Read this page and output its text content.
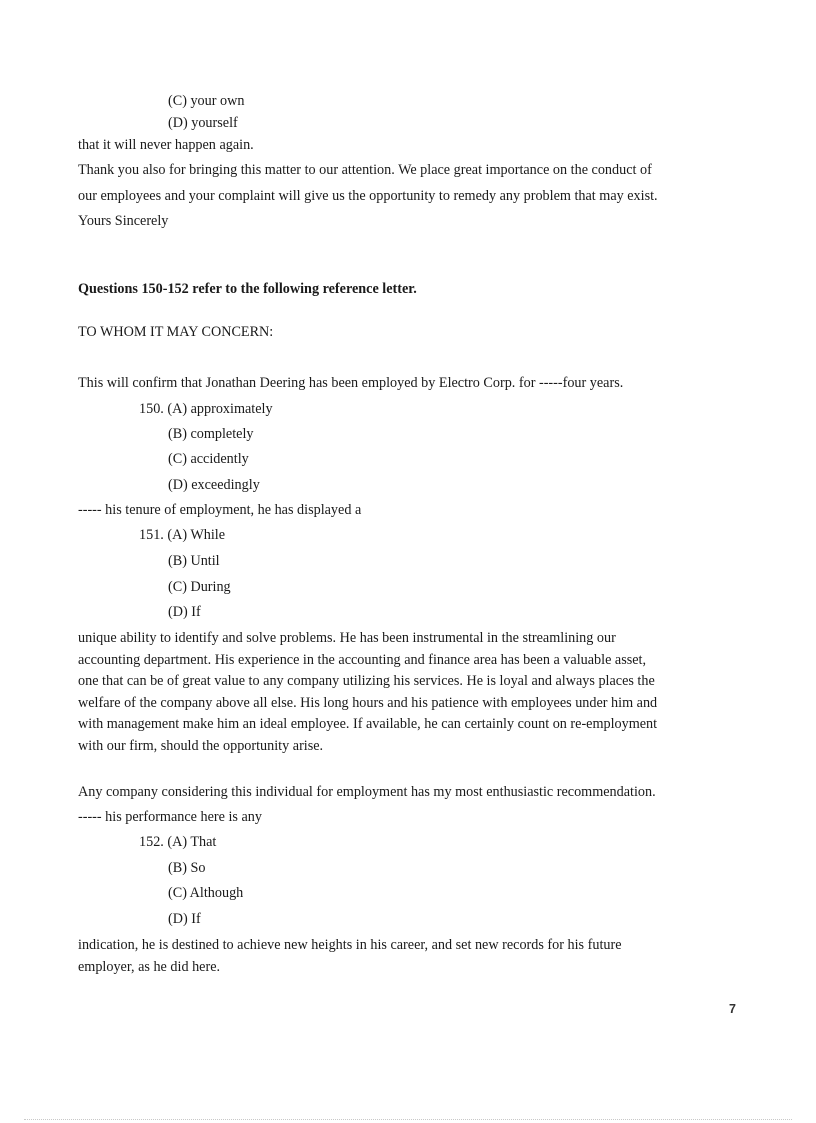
(C) your own
(D) yourself
that it will never happen again.
Thank you also for bringing this matter to our attention. We place great importance on the conduct of
our employees and your complaint will give us the opportunity to remedy any problem that may exist.
Yours Sincerely
Questions 150-152 refer to the following reference letter.
TO WHOM IT MAY CONCERN:
This will confirm that Jonathan Deering has been employed by Electro Corp. for -----four years.
150. (A) approximately
(B) completely
(C) accidently
(D) exceedingly
----- his tenure of employment, he has displayed a
151. (A) While
(B) Until
(C) During
(D) If
unique ability to identify and solve problems. He has been instrumental in the streamlining our
accounting department. His experience in the accounting and finance area has been a valuable asset,
one that can be of great value to any company utilizing his services. He is loyal and always places the
welfare of the company above all else. His long hours and his patience with employees under him and
with management make him an ideal employee. If available, he can certainly count on re-employment
with our firm, should the opportunity arise.
Any company considering this individual for employment has my most enthusiastic recommendation.
----- his performance here is any
152. (A) That
(B) So
(C) Although
(D) If
indication, he is destined to achieve new heights in his career, and set new records for his future
employer, as he did here.
7
